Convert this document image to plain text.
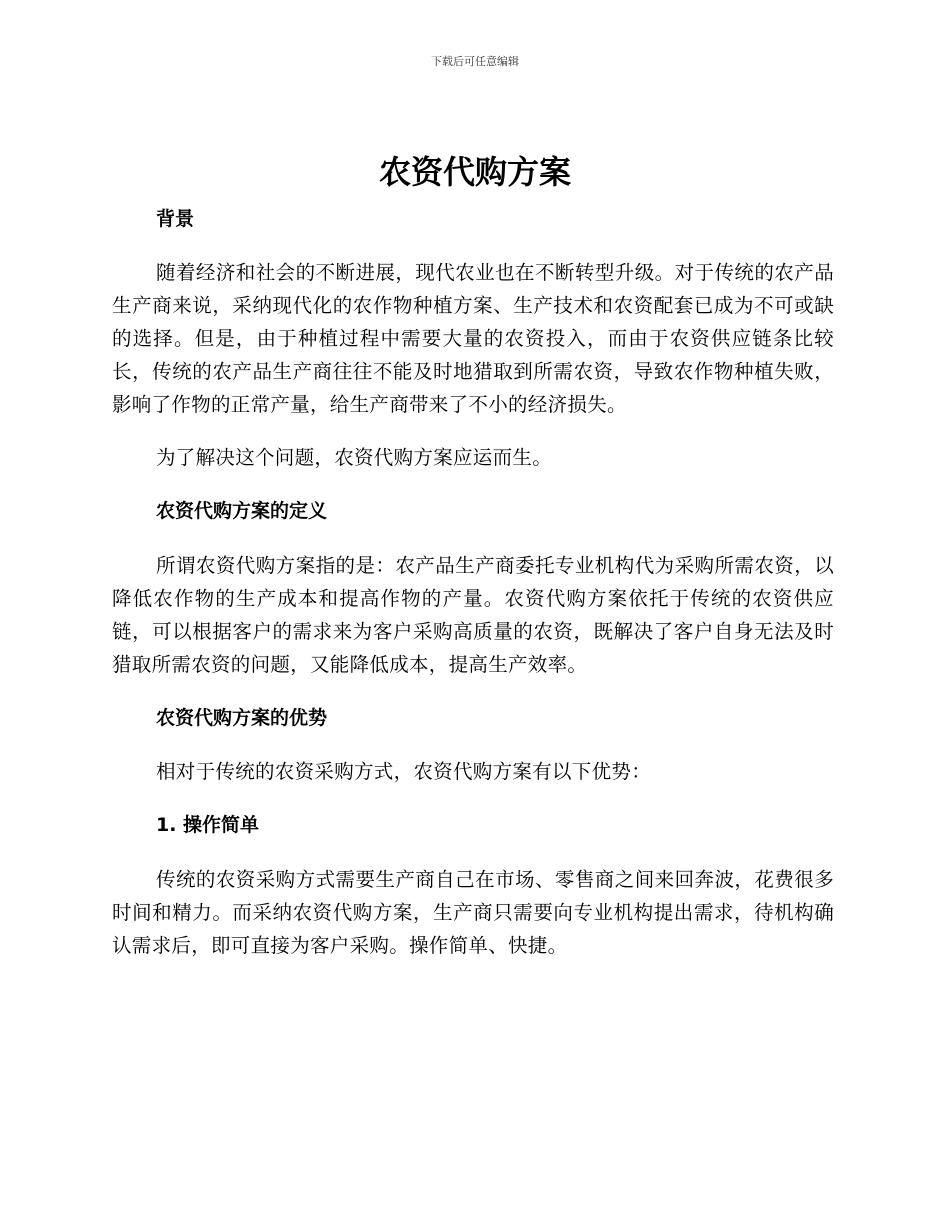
下载后可任意编辑
农资代购方案
背景

随着经济和社会的不断进展，现代农业也在不断转型升级。对于传统的农产品生产商来说，采纳现代化的农作物种植方案、生产技术和农资配套已成为不可或缺的选择。但是，由于种植过程中需要大量的农资投入，而由于农资供应链条比较长，传统的农产品生产商往往不能及时地猎取到所需农资，导致农作物种植失败，影响了作物的正常产量，给生产商带来了不小的经济损失。

为了解决这个问题，农资代购方案应运而生。

农资代购方案的定义

所谓农资代购方案指的是：农产品生产商委托专业机构代为采购所需农资，以降低农作物的生产成本和提高作物的产量。农资代购方案依托于传统的农资供应链，可以根据客户的需求来为客户采购高质量的农资，既解决了客户自身无法及时猎取所需农资的问题，又能降低成本，提高生产效率。

农资代购方案的优势

相对于传统的农资采购方式，农资代购方案有以下优势：

1. 操作简单

传统的农资采购方式需要生产商自己在市场、零售商之间来回奔波，花费很多时间和精力。而采纳农资代购方案，生产商只需要向专业机构提出需求，待机构确认需求后，即可直接为客户采购。操作简单、快捷。
